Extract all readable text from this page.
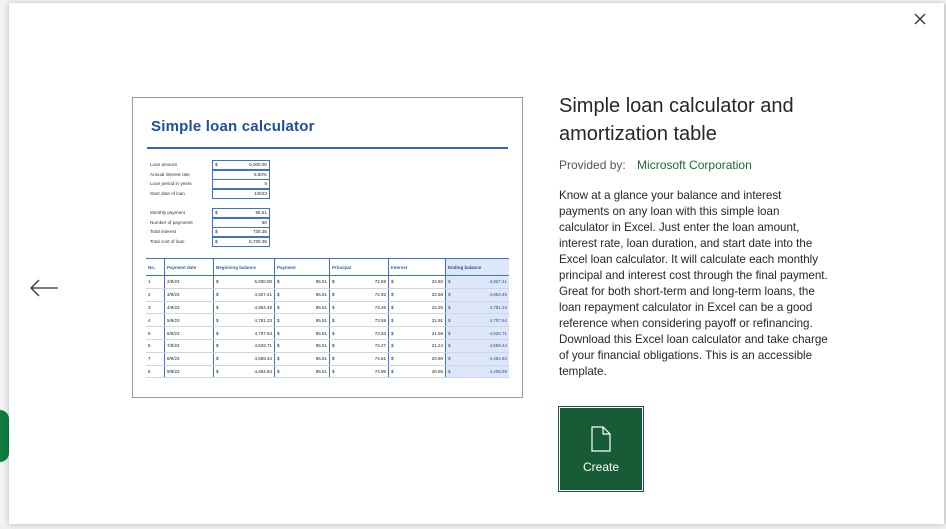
Simple loan calculator
Loan amount	$	5,000.00
Annual interest rate	5.50%
Loan period in years	5
Start date of loan	1/9/23
Monthly payment	$	95.51
Number of payments	60
Total interest	$	730.35
Total cost of loan	$	5,730.35
No.	Payment date	Beginning balance	Payment	Principal	Interest	Ending balance
1	2/9/23	$ 5,000.00	$ 95.51	$ 72.59	$ 22.92	$ 4,927.41

2	3/9/23	$ 4,927.41	$ 95.51	$ 72.92	$ 22.58	$ 4,854.49

3	4/9/23	$ 4,854.49	$ 95.51	$ 73.26	$ 22.25	$ 4,781.23

4	5/9/23	$ 4,781.23	$ 95.51	$ 73.59	$ 21.91	$ 4,707.64

5	6/9/23	$ 4,707.64	$ 95.51	$ 73.93	$ 21.58	$ 4,633.71

6	7/9/23	$ 4,633.71	$ 95.51	$ 74.27	$ 21.24	$ 4,559.44

7	8/9/23	$ 4,559.44	$ 95.51	$ 74.61	$ 20.90	$ 4,484.84

8	9/9/23	$ 4,484.84	$ 95.51	$ 74.95	$ 20.56	$ 4,409.89
Simple loan calculator and amortization table
Provided by: Microsoft Corporation
Know at a glance your balance and interest payments on any loan with this simple loan calculator in Excel. Just enter the loan amount, interest rate, loan duration, and start date into the Excel loan calculator. It will calculate each monthly principal and interest cost through the final payment. Great for both short-term and long-term loans, the loan repayment calculator in Excel can be a good reference when considering payoff or refinancing. Download this Excel loan calculator and take charge of your financial obligations. This is an accessible template.
Create
